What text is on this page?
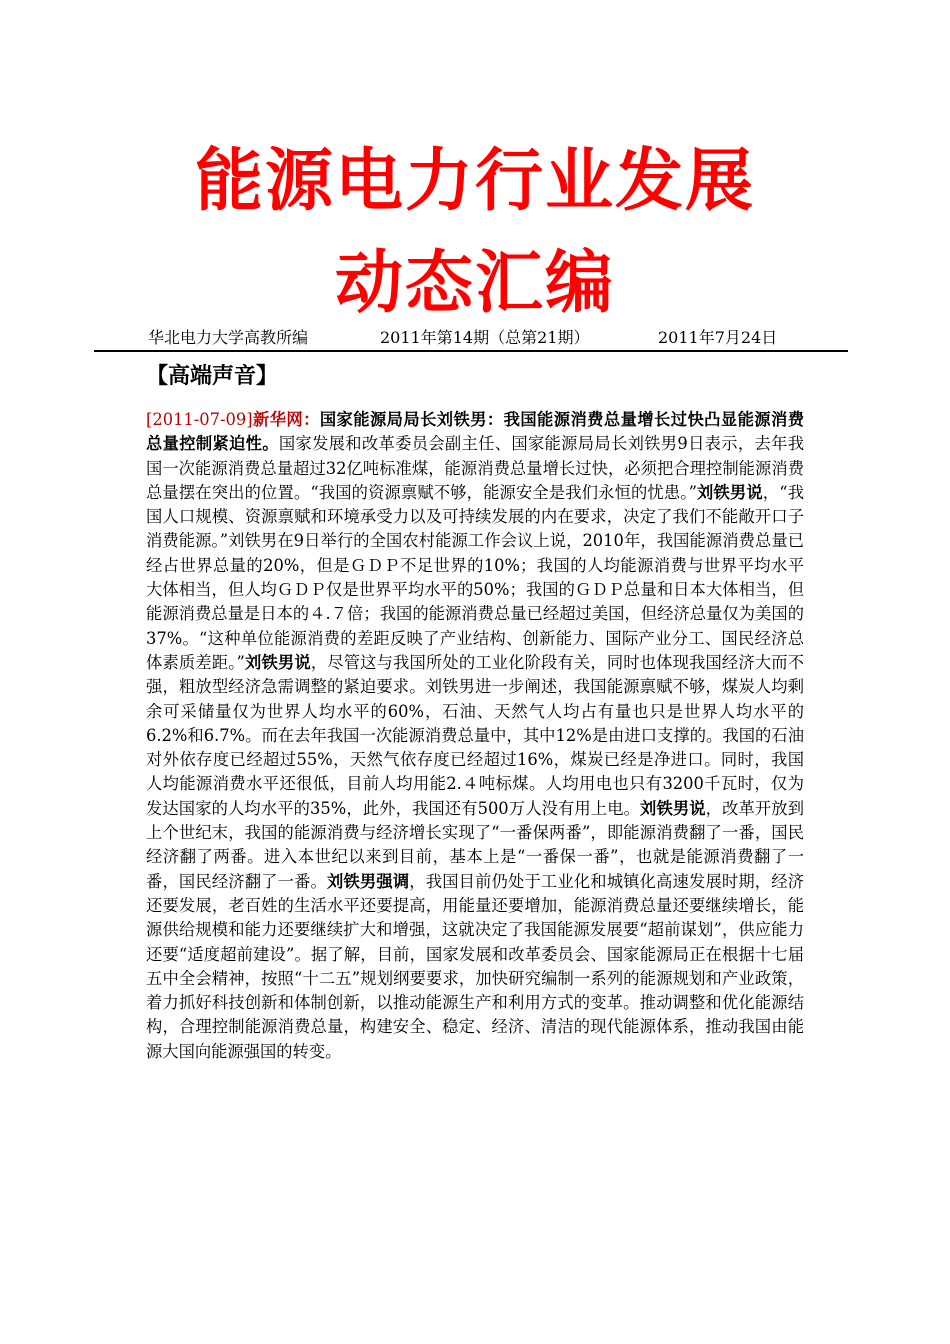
能源电力行业发展
动态汇编
华北电力大学高教所编	2011年第14期（总第21期）	2011年7月24日
【高端声音】

[2011-07-09]新华网：国家能源局局长刘铁男：我国能源消费总量增长过快凸显能源消费总量控制紧迫性。国家发展和改革委员会副主任、国家能源局局长刘铁男9日表示，去年我国一次能源消费总量超过32亿吨标准煤，能源消费总量增长过快，必须把合理控制能源消费总量摆在突出的位置。“我国的资源禀赋不够，能源安全是我们永恒的忧患。”刘铁男说，“我国人口规模、资源禀赋和环境承受力以及可持续发展的内在要求，决定了我们不能敞开口子消费能源。”刘铁男在9日举行的全国农村能源工作会议上说，2010年，我国能源消费总量已经占世界总量的20%，但是ＧＤＰ不足世界的10%；我国的人均能源消费与世界平均水平大体相当，但人均ＧＤＰ仅是世界平均水平的50%；我国的ＧＤＰ总量和日本大体相当，但能源消费总量是日本的４.７倍；我国的能源消费总量已经超过美国，但经济总量仅为美国的37%。“这种单位能源消费的差距反映了产业结构、创新能力、国际产业分工、国民经济总体素质差距。”刘铁男说，尽管这与我国所处的工业化阶段有关，同时也体现我国经济大而不强，粗放型经济急需调整的紧迫要求。刘铁男进一步阐述，我国能源禀赋不够，煤炭人均剩余可采储量仅为世界人均水平的60%，石油、天然气人均占有量也只是世界人均水平的6.2%和6.7%。而在去年我国一次能源消费总量中，其中12%是由进口支撑的。我国的石油对外依存度已经超过55%，天然气依存度已经超过16%，煤炭已经是净进口。同时，我国人均能源消费水平还很低，目前人均用能2.４吨标煤。人均用电也只有3200千瓦时，仅为发达国家的人均水平的35%，此外，我国还有500万人没有用上电。刘铁男说，改革开放到上个世纪末，我国的能源消费与经济增长实现了“一番保两番”，即能源消费翻了一番，国民经济翻了两番。进入本世纪以来到目前，基本上是“一番保一番”，也就是能源消费翻了一番，国民经济翻了一番。刘铁男强调，我国目前仍处于工业化和城镇化高速发展时期，经济还要发展，老百姓的生活水平还要提高，用能量还要增加，能源消费总量还要继续增长，能源供给规模和能力还要继续扩大和增强，这就决定了我国能源发展要“超前谋划”，供应能力还要“适度超前建设”。据了解，目前，国家发展和改革委员会、国家能源局正在根据十七届五中全会精神，按照“十二五”规划纲要要求，加快研究编制一系列的能源规划和产业政策，着力抓好科技创新和体制创新，以推动能源生产和利用方式的变革。推动调整和优化能源结构，合理控制能源消费总量，构建安全、稳定、经济、清洁的现代能源体系，推动我国由能源大国向能源强国的转变。
